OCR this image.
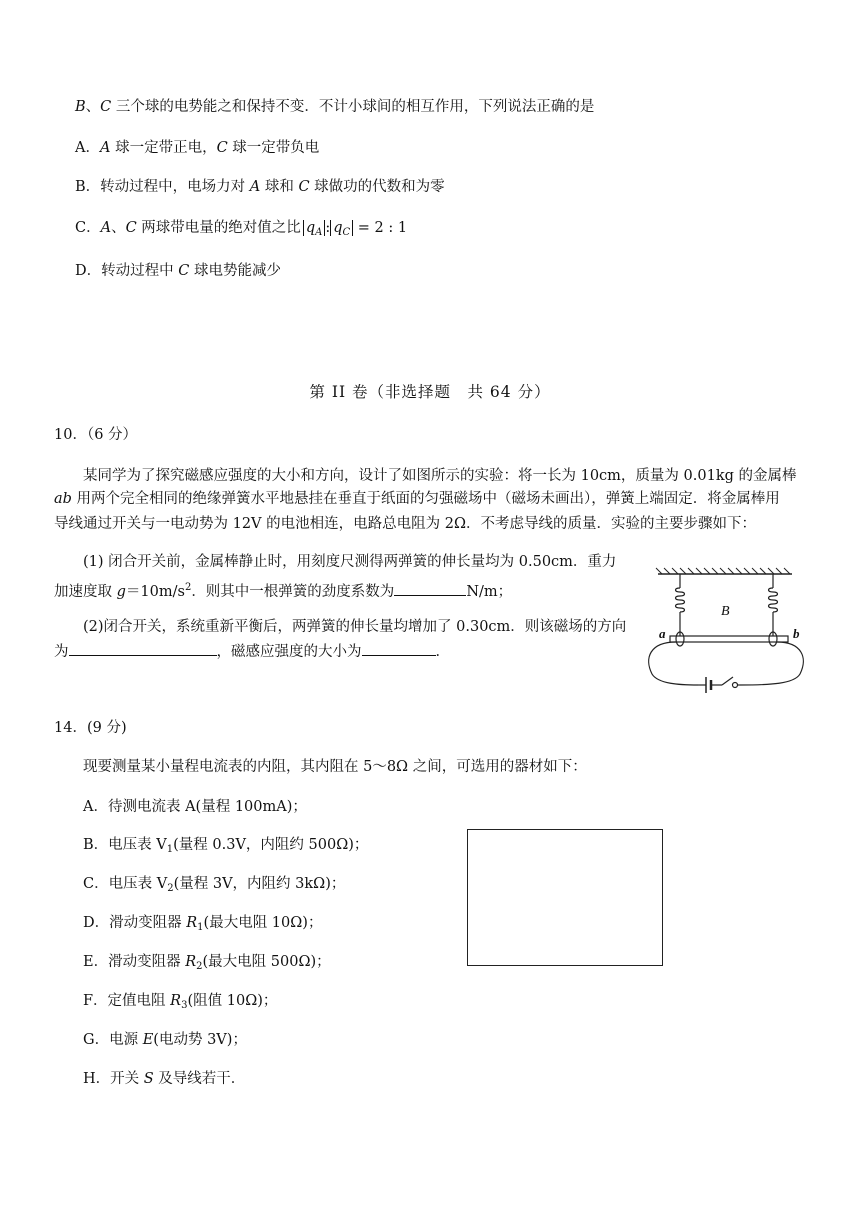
B、C 三个球的电势能之和保持不变．不计小球间的相互作用，下列说法正确的是
A．A 球一定带正电，C 球一定带负电
B．转动过程中，电场力对 A 球和 C 球做功的代数和为零
C．A、C 两球带电量的绝对值之比 $q_A$ : $q_C = 2$ : 1
D．转动过程中 C 球电势能减少
第 II 卷（非选择题　共 64 分）
10．（6 分）
某同学为了探究磁感应强度的大小和方向，设计了如图所示的实验：将一长为 10cm，质量为 0.01kg 的金属棒
ab 用两个完全相同的绝缘弹簧水平地悬挂在垂直于纸面的匀强磁场中（磁场未画出），弹簧上端固定．将金属棒用
导线通过开关与一电动势为 12V 的电池相连，电路总电阻为 2Ω．不考虑导线的质量．实验的主要步骤如下：
(1) 闭合开关前，金属棒静止时，用刻度尺测得两弹簧的伸长量均为 0.50cm．重力
加速度取 $g=10m/s^2$．则其中一根弹簧的劲度系数为	N/m；
(2)闭合开关，系统重新平衡后，两弹簧的伸长量均增加了 0.30cm．则该磁场的方向
为	，磁感应强度的大小为	．
B
a	b
14．(9 分)
现要测量某小量程电流表的内阻，其内阻在 5～8Ω 之间，可选用的器材如下：
A．待测电流表 A(量程 100mA)；
B．电压表 $V_1$(量程 0.3V，内阻约 500Ω)；
C．电压表 $V_2$(量程 3V，内阻约 3kΩ)；
D．滑动变阻器 $R_1$(最大电阻 10Ω)；
E．滑动变阻器 $R_2$(最大电阻 500Ω)；
F．定值电阻 $R_3$(阻值 10Ω)；
G．电源 E(电动势 3V)；
H．开关 S 及导线若干．
